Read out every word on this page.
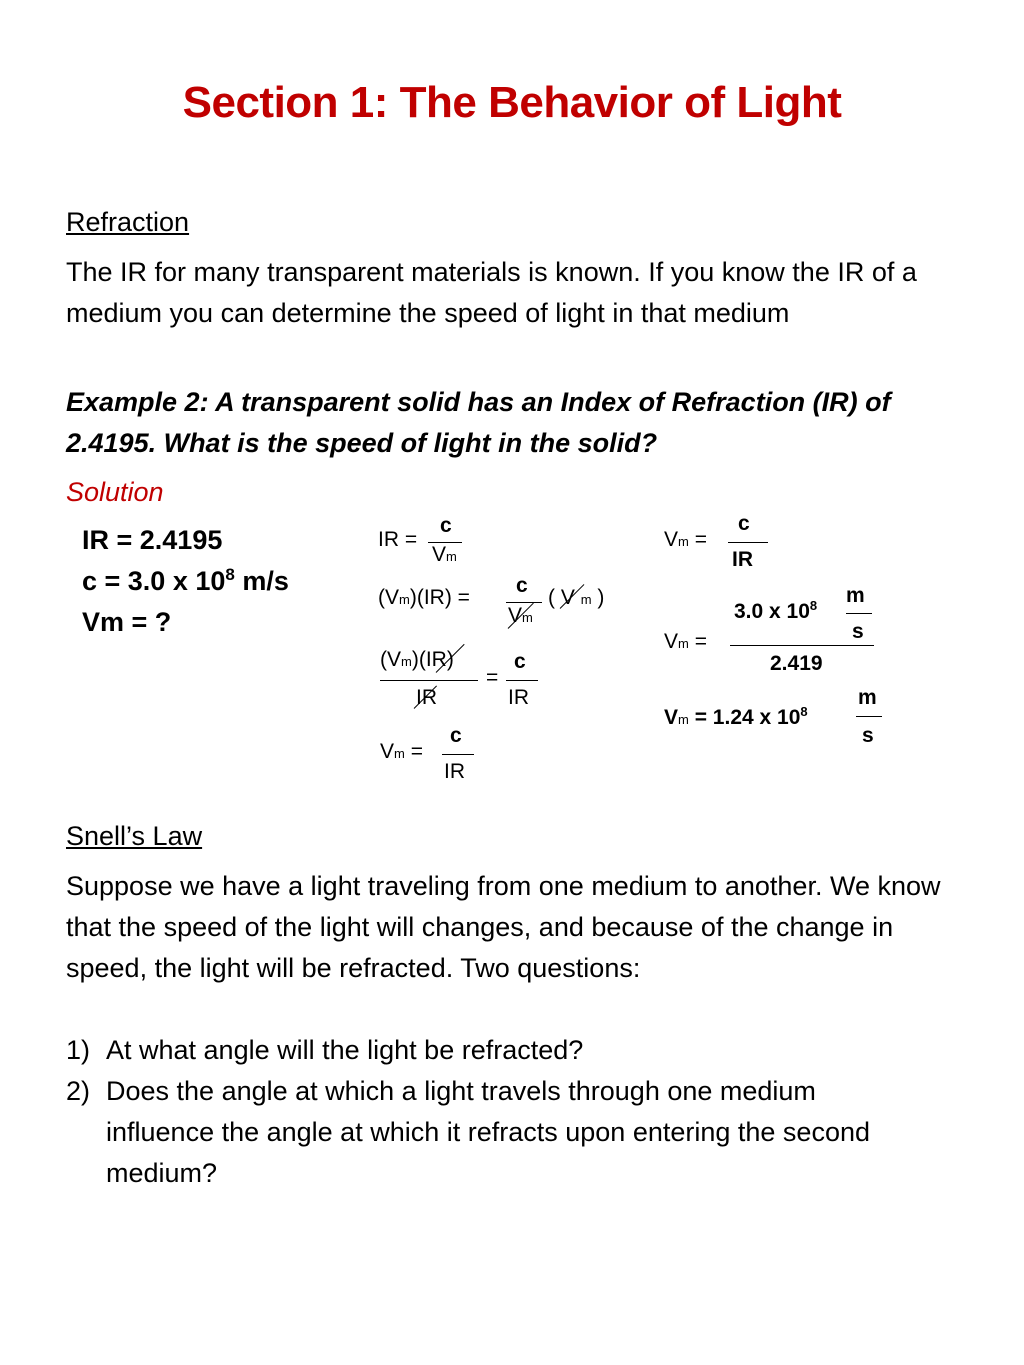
Section 1: The Behavior of Light
Refraction
The IR for many transparent materials is known. If you know the IR of a medium you can determine the speed of light in that medium
Example 2: A transparent solid has an Index of Refraction (IR) of 2.4195. What is the speed of light in the solid?
Solution
IR = 2.4195
c = 3.0 x $10^8$ m/s
Vm = ?
IR =
c
Vm
(Vm)(IR) =
c
Vm
( V m )
(Vm)(IR)
IR
=
c
IR
Vm =
c
IR
Vm =
c
IR
3.0 x $10^8$ m
s
Vm =
2.419
Vm = 1.24 x $10^8$
m
s
Snell’s Law
Suppose we have a light traveling from one medium to another. We know that the speed of the light will changes, and because of the change in speed, the light will be refracted. Two questions:
1) At what angle will the light be refracted?
2) Does the angle at which a light travels through one medium influence the angle at which it refracts upon entering the second medium?
